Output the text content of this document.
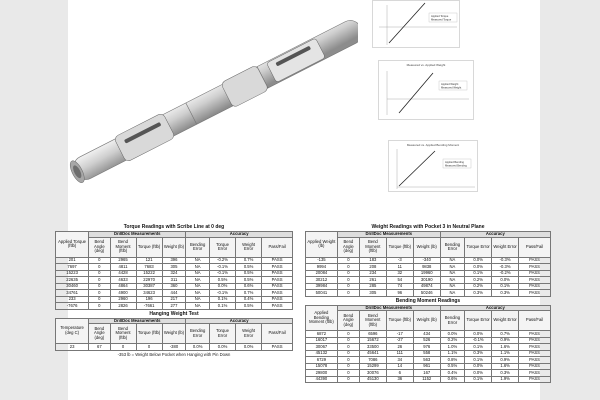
Applied Torque
Measured Torque
Measured vs. Applied Weight
Applied Weight
Measured Weight
Measured vs. Applied Bending Moment
Applied Bending
Measured Bending
Torque Readings with Scribe Line at 0 deg
Applied Torque (ftlb)	DrillDoc Measurements				Accuracy			
	Bend Angle (deg)	Bend Moment (ftlb)	Torque (ftlb)	Weight (lb)	Bending Error	Torque Error	Weight Error	Pass/Fail
201	0	2965	121	396	NA	-0.2%	0.7%	PASS
7697	0	4811	7683	305	NA	-0.1%	0.5%	PASS
15223	0	4428	15222	324	NA	-0.1%	0.5%	PASS
22635	0	4633	22970	311	NA	0.5%	0.5%	PASS
30460	0	4864	30387	360	NA	0.0%	0.6%	PASS
34761	0	4900	34623	444	NA	-0.1%	0.7%	PASS
233	0	2960	196	217	NA	0.1%	0.4%	PASS
-7676	0	2826	-7661	277	NA	0.1%	0.5%	PASS
Hanging Weight Test
Temperature (deg C)	DrillDoc Measurements				Accuracy			
	Bend Angle (deg)	Bend Moment (ftlb)	Torque (ftlb)	Weight (lb)	Bending Error	Torque Error	Weight Error	Pass/Fail
23	67	0	0	-380	0.0%	0.0%	0.0%	PASS
-353 lb = Weight Below Pocket when Hanging with Pin Down
Weight Readings with Pocket 3 in Neutral Plane
Applied Weight (lb)	DrillDoc Measurements				Accuracy			
	Bend Angle (deg)	Bend Moment (ftlb)	Torque (ftlb)	Weight (lb)	Bending Error	Torque Error	Weight Error	Pass/Fail
-135	0	183	-3	-340	NA	0.0%	-0.3%	PASS
9994	0	208	11	9838	NA	0.0%	-0.3%	PASS
20084	0	234	32	19960	NA	0.1%	-0.2%	PASS
30212	0	261	54	30190	NA	0.2%	0.0%	PASS
39984	0	285	74	49874	NA	0.2%	0.1%	PASS
50041	0	305	96	50246	NA	0.3%	0.3%	PASS
Bending Moment Readings
Applied Bending Moment (ftlb)	DrillDoc Measurements				Accuracy			
	Bend Angle (deg)	Bend Moment (ftlb)	Torque (ftlb)	Weight (lb)	Bending Error	Torque Error	Weight Error	Pass/Fail
6872	0	6596	-17	434	0.0%	0.0%	0.7%	PASS
16017	0	15672	-27	526	0.2%	-0.1%	0.9%	PASS
30067	0	33500	26	976	1.0%	0.1%	1.6%	PASS
45132	0	45641	111	558	1.1%	0.3%	1.1%	PASS
6729	0	7086	34	563	0.8%	0.1%	0.9%	PASS
15078	0	15299	14	961	0.5%	0.0%	1.6%	PASS
29800	0	30076	6	167	0.4%	0.0%	0.3%	PASS
44390	0	45130	36	1152	0.6%	0.1%	1.9%	PASS
